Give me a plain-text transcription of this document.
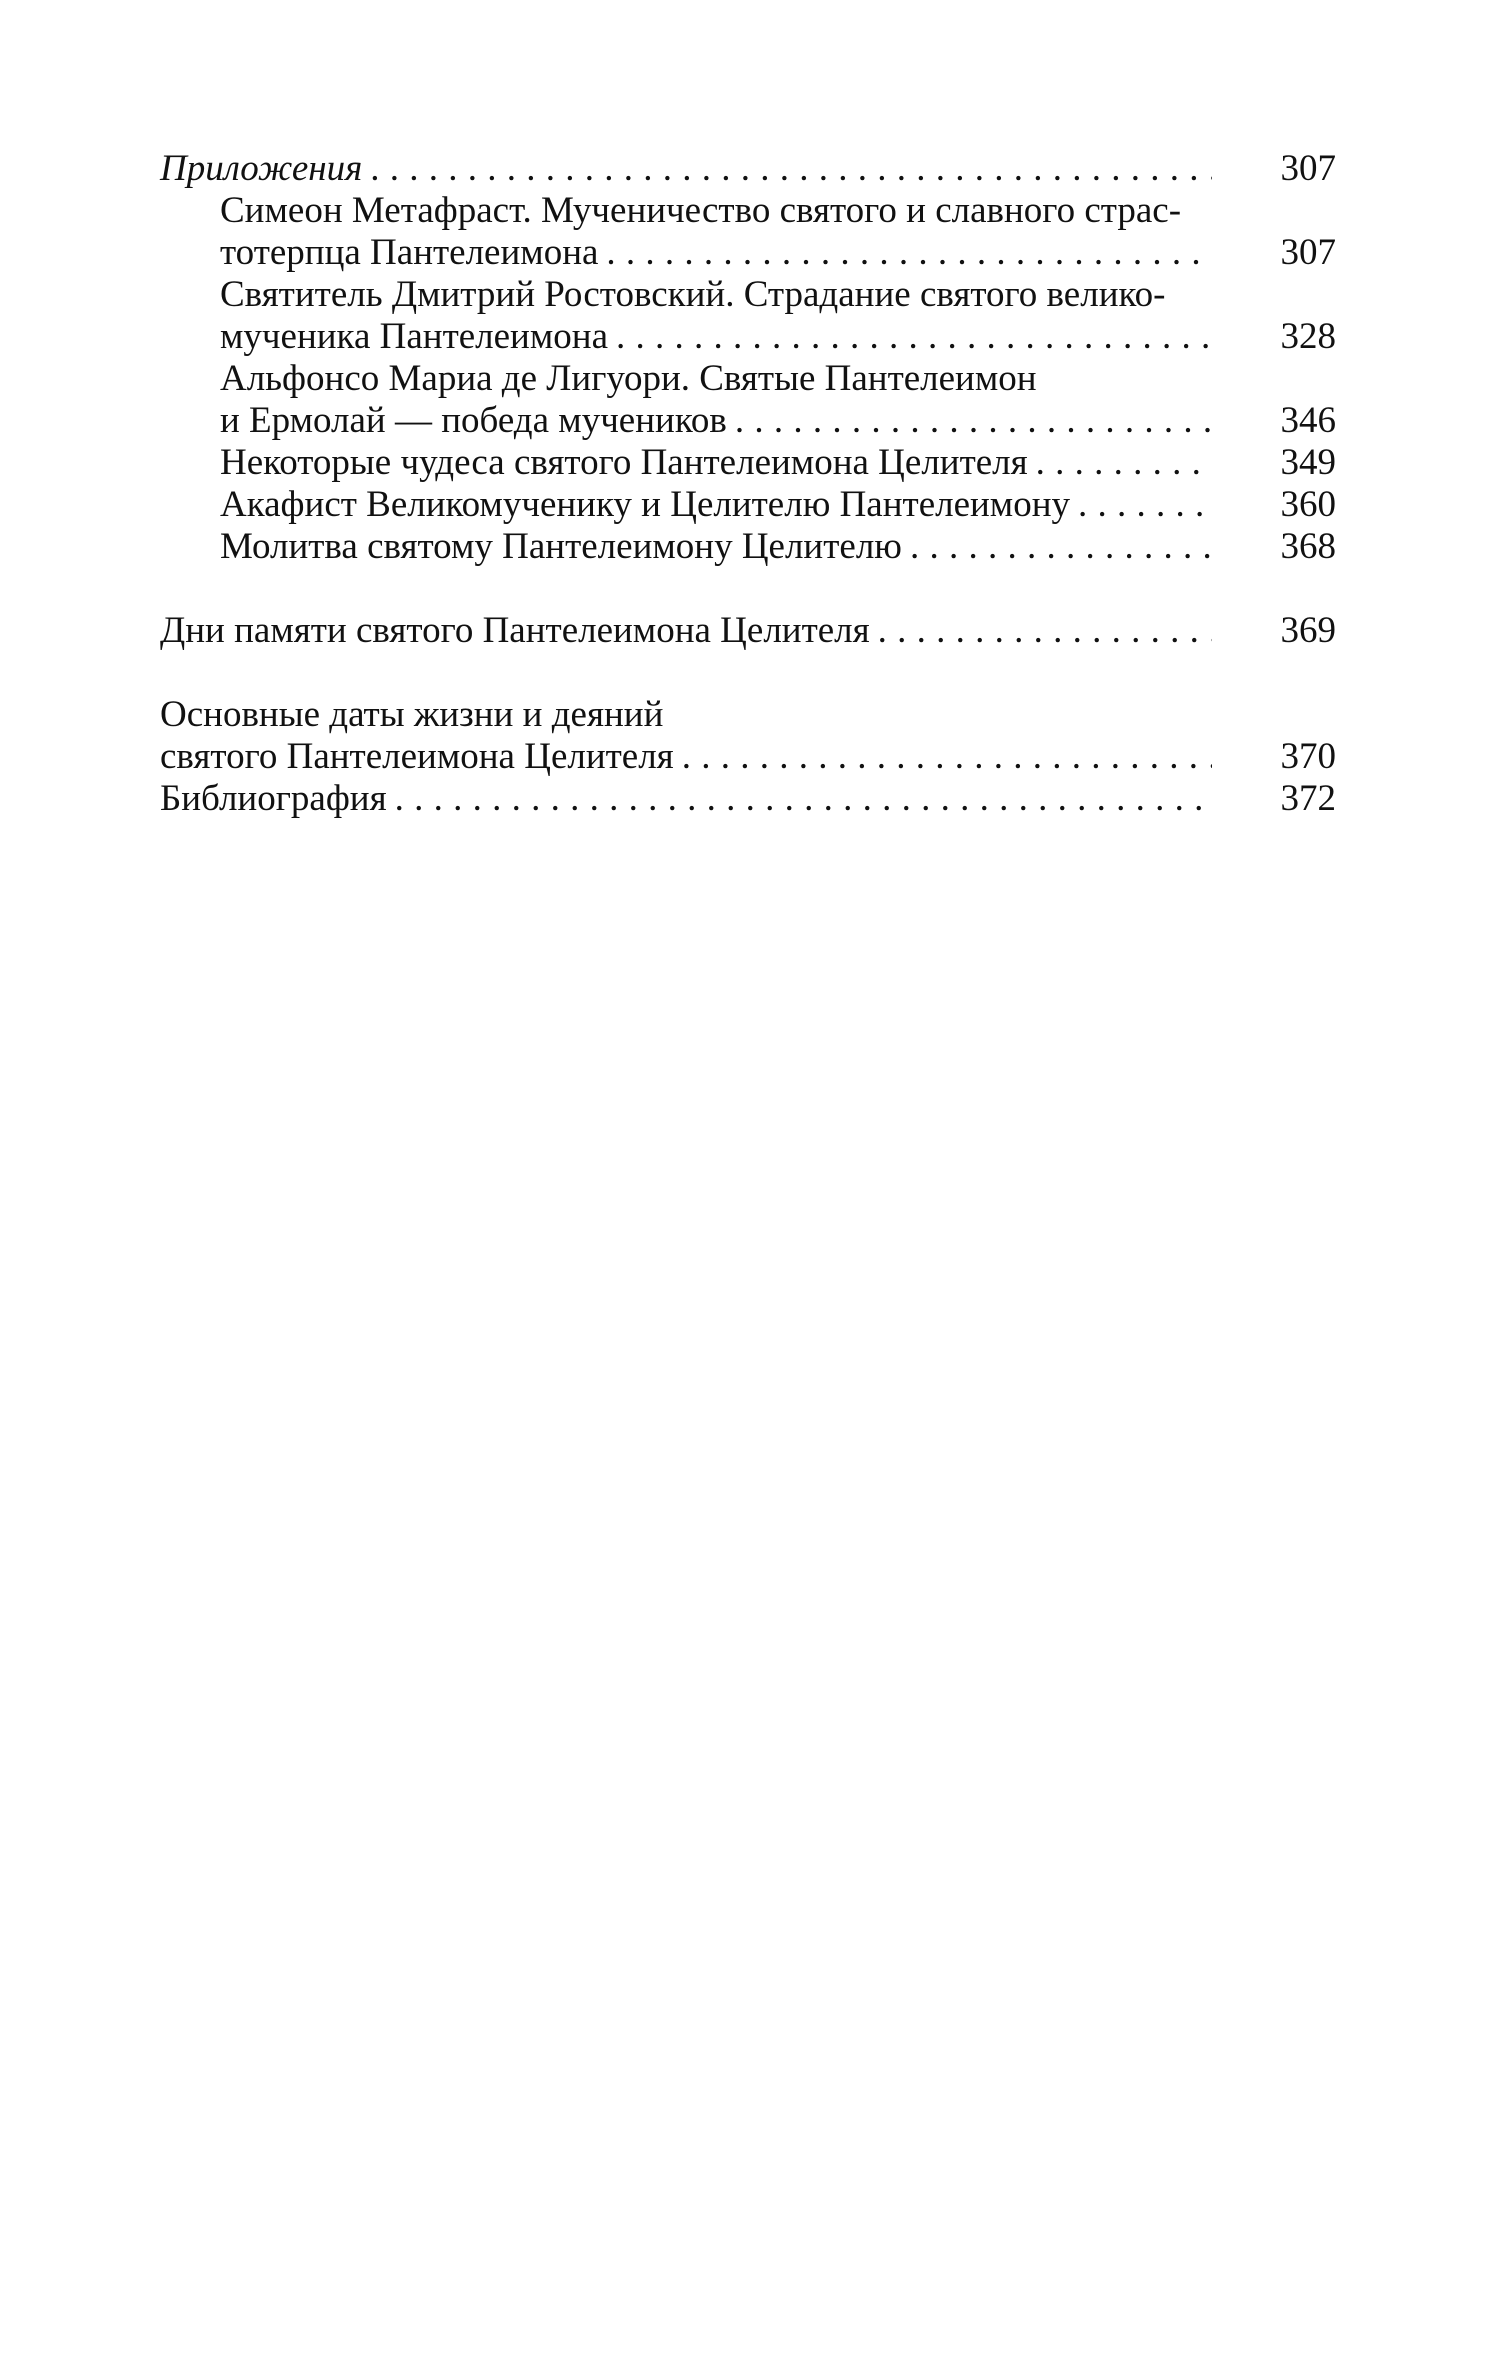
Приложения . . .	307
Симеон Метафраст. Мученичество святого и славного страс-
тотерпца Пантелеимона . . .	307
Святитель Дмитрий Ростовский. Страдание святого велико-
мученика Пантелеимона . . .	328
Альфонсо Мариа де Лигуори. Святые Пантелеимон
и Ермолай — победа мучеников . . .	346
Некоторые чудеса святого Пантелеимона Целителя . . .	349
Акафист Великомученику и Целителю Пантелеимону . . .	360
Молитва святому Пантелеимону Целителю . . .	368
Дни памяти святого Пантелеимона Целителя . . .	369
Основные даты жизни и деяний
святого Пантелеимона Целителя . . .	370
Библиография . . .	372
